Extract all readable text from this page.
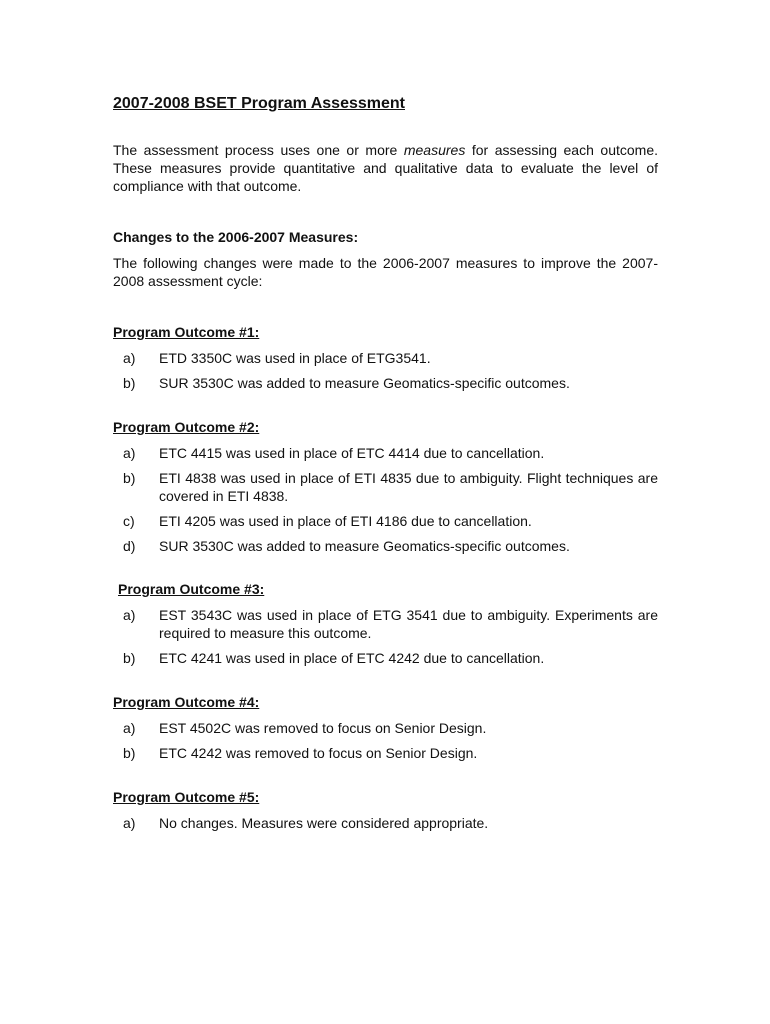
2007-2008 BSET Program Assessment

The assessment process uses one or more measures for assessing each outcome. These measures provide quantitative and qualitative data to evaluate the level of compliance with that outcome.

Changes to the 2006-2007 Measures:

The following changes were made to the 2006-2007 measures to improve the 2007-2008 assessment cycle:

Program Outcome #1:
a) ETD 3350C was used in place of ETG3541.
b) SUR 3530C was added to measure Geomatics-specific outcomes.
Program Outcome #2:
a) ETC 4415 was used in place of ETC 4414 due to cancellation.
b) ETI 4838 was used in place of ETI 4835 due to ambiguity. Flight techniques are covered in ETI 4838.
c) ETI 4205 was used in place of ETI 4186 due to cancellation.
d) SUR 3530C was added to measure Geomatics-specific outcomes.
Program Outcome #3:
a) EST 3543C was used in place of ETG 3541 due to ambiguity. Experiments are required to measure this outcome.
b) ETC 4241 was used in place of ETC 4242 due to cancellation.
Program Outcome #4:
a) EST 4502C was removed to focus on Senior Design.
b) ETC 4242 was removed to focus on Senior Design.
Program Outcome #5:
a) No changes. Measures were considered appropriate.
